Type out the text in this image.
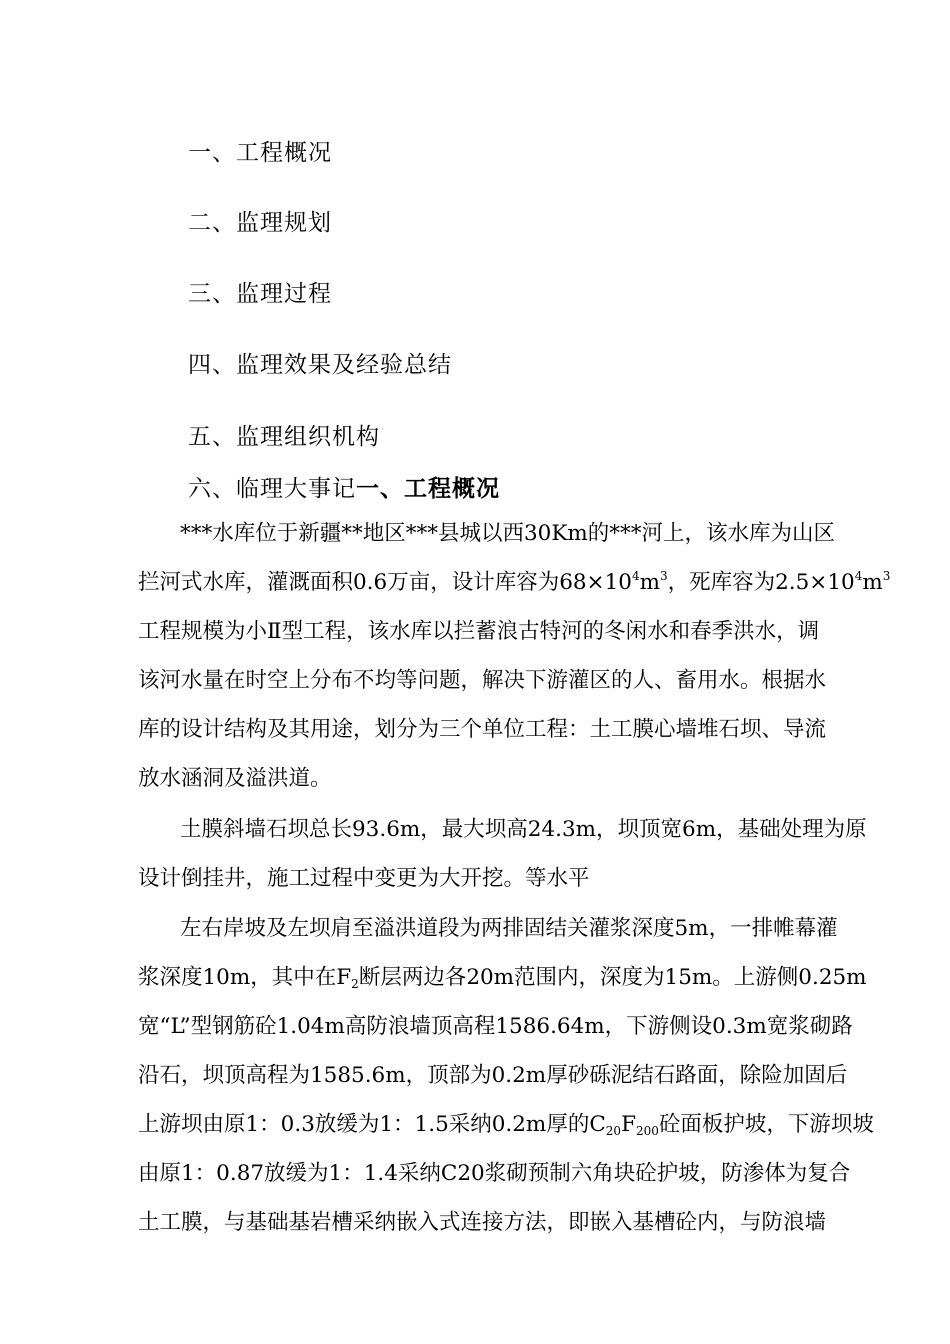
一、工程概况
二、监理规划
三、监理过程
四、监理效果及经验总结
五、监理组织机构
六、临理大事记一、工程概况
***水库位于新疆**地区***县城以西30Km的***河上，该水库为山区
拦河式水库，灌溉面积0.6万亩，设计库容为$68\times 10^4m^3$，死库容为$2.5\times 10^4m^3$
工程规模为小Ⅱ型工程，该水库以拦蓄浪古特河的冬闲水和春季洪水，调
该河水量在时空上分布不均等问题，解决下游灌区的人、畜用水。根据水
库的设计结构及其用途，划分为三个单位工程：土工膜心墙堆石坝、导流
放水涵洞及溢洪道。
土膜斜墙石坝总长93.6m，最大坝高24.3m，坝顶宽6m，基础处理为原
设计倒挂井，施工过程中变更为大开挖。等水平
左右岸坡及左坝肩至溢洪道段为两排固结关灌浆深度5m，一排帷幕灌
浆深度10m，其中在$F_2$断层两边各20m范围内，深度为15m。上游侧0.25m
宽“L”型钢筋砼1.04m高防浪墙顶高程1586.64m，下游侧设0.3m宽浆砌路
沿石，坝顶高程为1585.6m，顶部为0.2m厚砂砾泥结石路面，除险加固后
上游坝由原1：0.3放缓为1：1.5采纳0.2m厚的$C_{20}F_{200}$砼面板护坡，下游坝坡
由原1：0.87放缓为1：1.4采纳C20浆砌预制六角块砼护坡，防渗体为复合
土工膜，与基础基岩槽采纳嵌入式连接方法，即嵌入基槽砼内，与防浪墙
